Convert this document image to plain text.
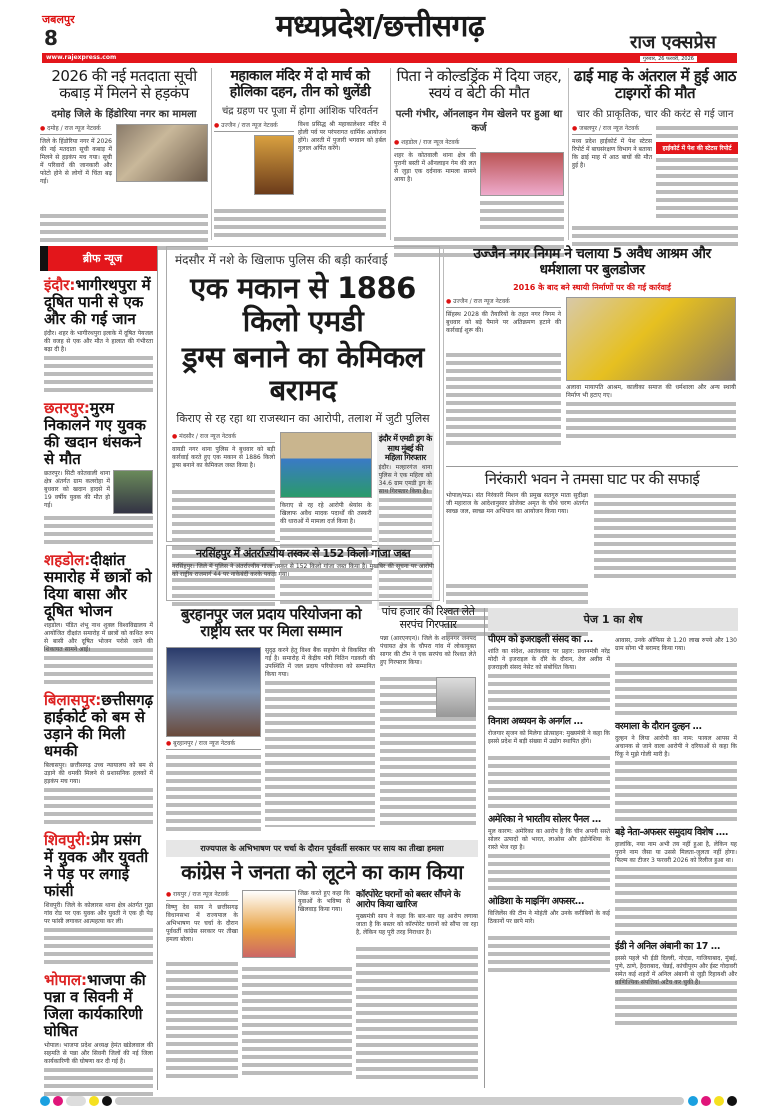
जबलपुर
8	मध्यप्रदेश/छत्तीसगढ़	राज एक्सप्रेस
www.rajexpress.com	गुरुवार, 26 फरवरी, 2026
2026 की नई मतदाता सूची कबाड़ में मिलने से हड़कंप
दमोह जिले के हिंडोरिया नगर का मामला
● दमोह / राज न्यूज नेटवर्क
जिले के हिंडोरिया नगर में 2026 की नई मतदाता सूची कबाड़ में मिलने से हड़कंप मच गया। सूची में परिवारों की जानकारी और फोटो होने से लोगों में चिंता बढ़ गई।
महाकाल मंदिर में दो मार्च को होलिका दहन, तीन को धुलेंडी
चंद्र ग्रहण पर पूजा में होगा आंशिक परिवर्तन
● उज्जैन / राज न्यूज नेटवर्क	विश्व प्रसिद्ध श्री महाकालेश्वर मंदिर में होली पर्व पर परंपरागत धार्मिक आयोजन होंगे। आरती में पुजारी भगवान को हर्बल गुलाल अर्पित करेंगे।
पिता ने कोल्डड्रिंक में दिया जहर, स्वयं व बेटी की मौत
पत्नी गंभीर, ऑनलाइन गेम खेलने पर हुआ था कर्ज
● शहडोल / राज न्यूज नेटवर्क
शहर के कोतवाली थाना क्षेत्र की पुरानी बस्ती में ऑनलाइन गेम की लत से जुड़ा एक दर्दनाक मामला सामने आया है।
ढाई माह के अंतराल में हुई आठ टाइगरों की मौत
चार की प्राकृतिक, चार की करंट से गई जान
● जबलपुर / राज न्यूज नेटवर्क
मध्य प्रदेश हाईकोर्ट में पेश स्टेटस रिपोर्ट में बाघसंरक्षण विभाग ने बताया कि ढाई माह में आठ बाघों की मौत हुई है।
हाईकोर्ट में पेश की स्टेटस रिपोर्ट
ब्रीफ न्यूज
इंदौर:भागीरथपुरा में दूषित पानी से एक और की गई जान
इंदौर। शहर के भागीरथपुरा इलाके में दूषित पेयजल की वजह से एक और मौत ने हालात की गंभीरता बढ़ा दी है।
छतरपुर:मुरम निकालने गए युवक की खदान धंसकने से मौत
छतरपुर। सिटी कोतवाली थाना क्षेत्र अंतर्गत ग्राम कलरोहा में बुधवार को खदान हादसे में 19 वर्षीय युवक की मौत हो गई।
शहडोल:दीक्षांत समारोह में छात्रों को दिया बासा और दूषित भोजन
शहडोल। पंडित शंभू नाथ शुक्ल विश्वविद्यालय में आयोजित दीक्षांत समारोह में छात्रों को कथित रूप से बासी और दूषित भोजन परोसे जाने की शिकायत सामने आई।
बिलासपुर:छत्तीसगढ़ हाईकोर्ट को बम से उड़ाने की मिली धमकी
बिलासपुर। छत्तीसगढ़ उच्च न्यायालय को बम से उड़ाने की धमकी मिलने से प्रशासनिक हलकों में हड़कंप मच गया।
शिवपुरी:प्रेम प्रसंग में युवक और युवती ने पेड़ पर लगाई फांसी
शिवपुरी। जिले के कोलारस थाना क्षेत्र अंतर्गत गुढ़ा गांव रोड पर एक युवक और युवती ने एक ही पेड़ पर फांसी लगाकर आत्महत्या कर ली।
भोपाल:भाजपा की पन्ना व सिवनी में जिला कार्यकारिणी घोषित
भोपाल। भाजपा प्रदेश अध्यक्ष हेमंत खंडेलवाल की सहमति से पन्ना और सिवनी जिलों की नई जिला कार्यकारिणी की घोषणा कर दी गई है।
मंदसौर में नशे के खिलाफ पुलिस की बड़ी कार्रवाई
एक मकान से 1886 किलो एमडी
ड्रग्स बनाने का केमिकल बरामद
किराए से रह रहा था राजस्थान का आरोपी, तलाश में जुटी पुलिस
● मंदसौर / राज न्यूज नेटवर्क
वायडी नगर थाना पुलिस ने बुधवार को बड़ी कार्रवाई करते हुए एक मकान से 1886 किलो ड्रग्स बनाने का केमिकल जब्त किया है।
किराए से रह रहे आरोपी श्रेयांस के खिलाफ अवैध मादक पदार्थों की तस्करी की धाराओं में मामला दर्ज किया है।
इंदौर में एमडी ड्रग के साथ मुंबई की महिला गिरफ्तार
इंदौर। मल्हारगंज थाना पुलिस ने एक महिला को 34.6 ग्राम एमडी ड्रग के साथ गिरफ्तार किया है।
नरसिंहपुर में अंतर्राज्यीय तस्कर से 152 किलो गांजा जब्त
नरसिंहपुर। जिले में पुलिस ने अंतर्राज्यीय गांजा तस्कर से 152 किलो गांजा जब्त किया है। मुखबिर की सूचना पर आरोपी को राष्ट्रीय राजमार्ग 44 पर नाकेबंदी करके पकड़ा गया।
उज्जैन नगर निगम ने चलाया 5 अवैध आश्रम और धर्मशाला पर बुलडोजर
2016 के बाद बने स्थायी निर्माणों पर की गई कार्रवाई
● उज्जैन / राज न्यूज नेटवर्क
सिंहस्थ 2028 की तैयारियों के तहत नगर निगम ने बुधवार को बड़े पैमाने पर अतिक्रमण हटाने की कार्रवाई शुरू की।
अलावा मायापति आश्रम, कालीका समाज की धर्मशाला और अन्य स्थायी निर्माण भी हटाए गए।
निरंकारी भवन ने तमसा घाट पर की सफाई
भोपाल/मऊ। संत निरंकारी मिशन की प्रमुख सतगुरु माता सुदीक्षा जी महाराज के आदेशानुसार प्रोजेक्ट अमृत के चौथे चरण अंतर्गत स्वच्छ जल, स्वच्छ मन अभियान का आयोजन किया गया।
बुरहानपुर जल प्रदाय परियोजना को राष्ट्रीय स्तर पर मिला सम्मान
● बुरहानपुर / राज न्यूज नेटवर्क
सुदृढ़ करने हेतु विश्व बैंक सहयोग से विकसित की गई है। समारोह में केंद्रीय मंत्री नितिन गडकरी की उपस्थिति में जल प्रदाय परियोजना को सम्मानित किया गया।
पांच हजार की रिश्वत लेते सरपंच गिरफ्तार
पन्ना (आरएनएन)। जिले के शाहनगर जनपद पंचायत क्षेत्र के चौपरा गांव में लोकायुक्त सागर की टीम ने एक सरपंच को रिश्वत लेते हुए गिरफ्तार किया।
राज्यपाल के अभिभाषण पर चर्चा के दौरान पूर्ववर्ती सरकार पर साय का तीखा हमला
कांग्रेस ने जनता को लूटने का काम किया
● रायपुर / राज न्यूज नेटवर्क
विष्णु देव साय ने छत्तीसगढ़ विधानसभा में राज्यपाल के अभिभाषण पर चर्चा के दौरान पूर्ववर्ती कांग्रेस सरकार पर तीखा हमला बोला।
जिक्र करते हुए कहा कि युवाओं के भविष्य से खिलवाड़ किया गया।
कॉरपोरेट घरानों को बस्तर सौंपने के आरोप किया खारिज
मुख्यमंत्री साय ने कहा कि बार-बार यह आरोप लगाया जाता है कि बस्तर को कॉरपोरेट घरानों को सौंपा जा रहा है, लेकिन यह पूरी तरह निराधार है।
पेज 1 का शेष
पीएम को इजराइली संसद का ...
शांति का संदेश, आतंकवाद पर प्रहार: प्रधानमंत्री नरेंद्र मोदी ने इजराइल के दौरे के दौरान, तेल अवीव में इजराइली संसद नेसेट को संबोधित किया।
विनाश अध्ययन के अनर्गल ...
रोजगार सृजन को मिलेगा प्रोत्साहन: मुख्यमंत्री ने कहा कि इससे प्रदेश में बड़ी संख्या में उद्योग स्थापित होंगे।
अमेरिका ने भारतीय सोलर पैनल ...
मूल कारण: अमेरिका का आरोप है कि चीन अपनी सस्ते सोलर उत्पादों को भारत, लाओस और इंडोनेशिया के रास्ते भेज रहा है।
ओडिशा के माइनिंग अफसर...
विजिलेंस की टीम ने मोहंती और उनके करीबियों के कई ठिकानों पर छापे मारे।
आवास, उनके ऑफिस से 1.20 लाख रुपये और 130 ग्राम सोना भी बरामद किया गया।
वरमाला के दौरान दुल्हन ...
दुल्हन ने लिया आरोपी का नाम: फायल आपस में अचानक से जाने वाला आरोपी ने दरियाओं से कहा कि रिंकू ने मुझे गोली मारी है।
बड़े नेता-अफसर समुदाय विशेष ....
हालांकि, नया नाम अभी तय नहीं हुआ है, लेकिन यह पुराने नाम जैसा या उससे मिलता-जुलता नहीं होगा। फिल्म का टीजर 3 फरवरी 2026 को रिलीज हुआ था।
ईडी ने अनिल अंबानी का 17 ...
इससे पहले भी ईडी दिल्ली, नोएडा, गाजियाबाद, मुंबई, पुणे, ठाणे, हैदराबाद, चेन्नई, कांचीपुरम और ईस्ट गोदावरी समेत कई शहरों में अनिल अंबानी से जुड़ी रिहायशी और वाणिज्यिक संपत्तियां अटैच कर चुकी है।
